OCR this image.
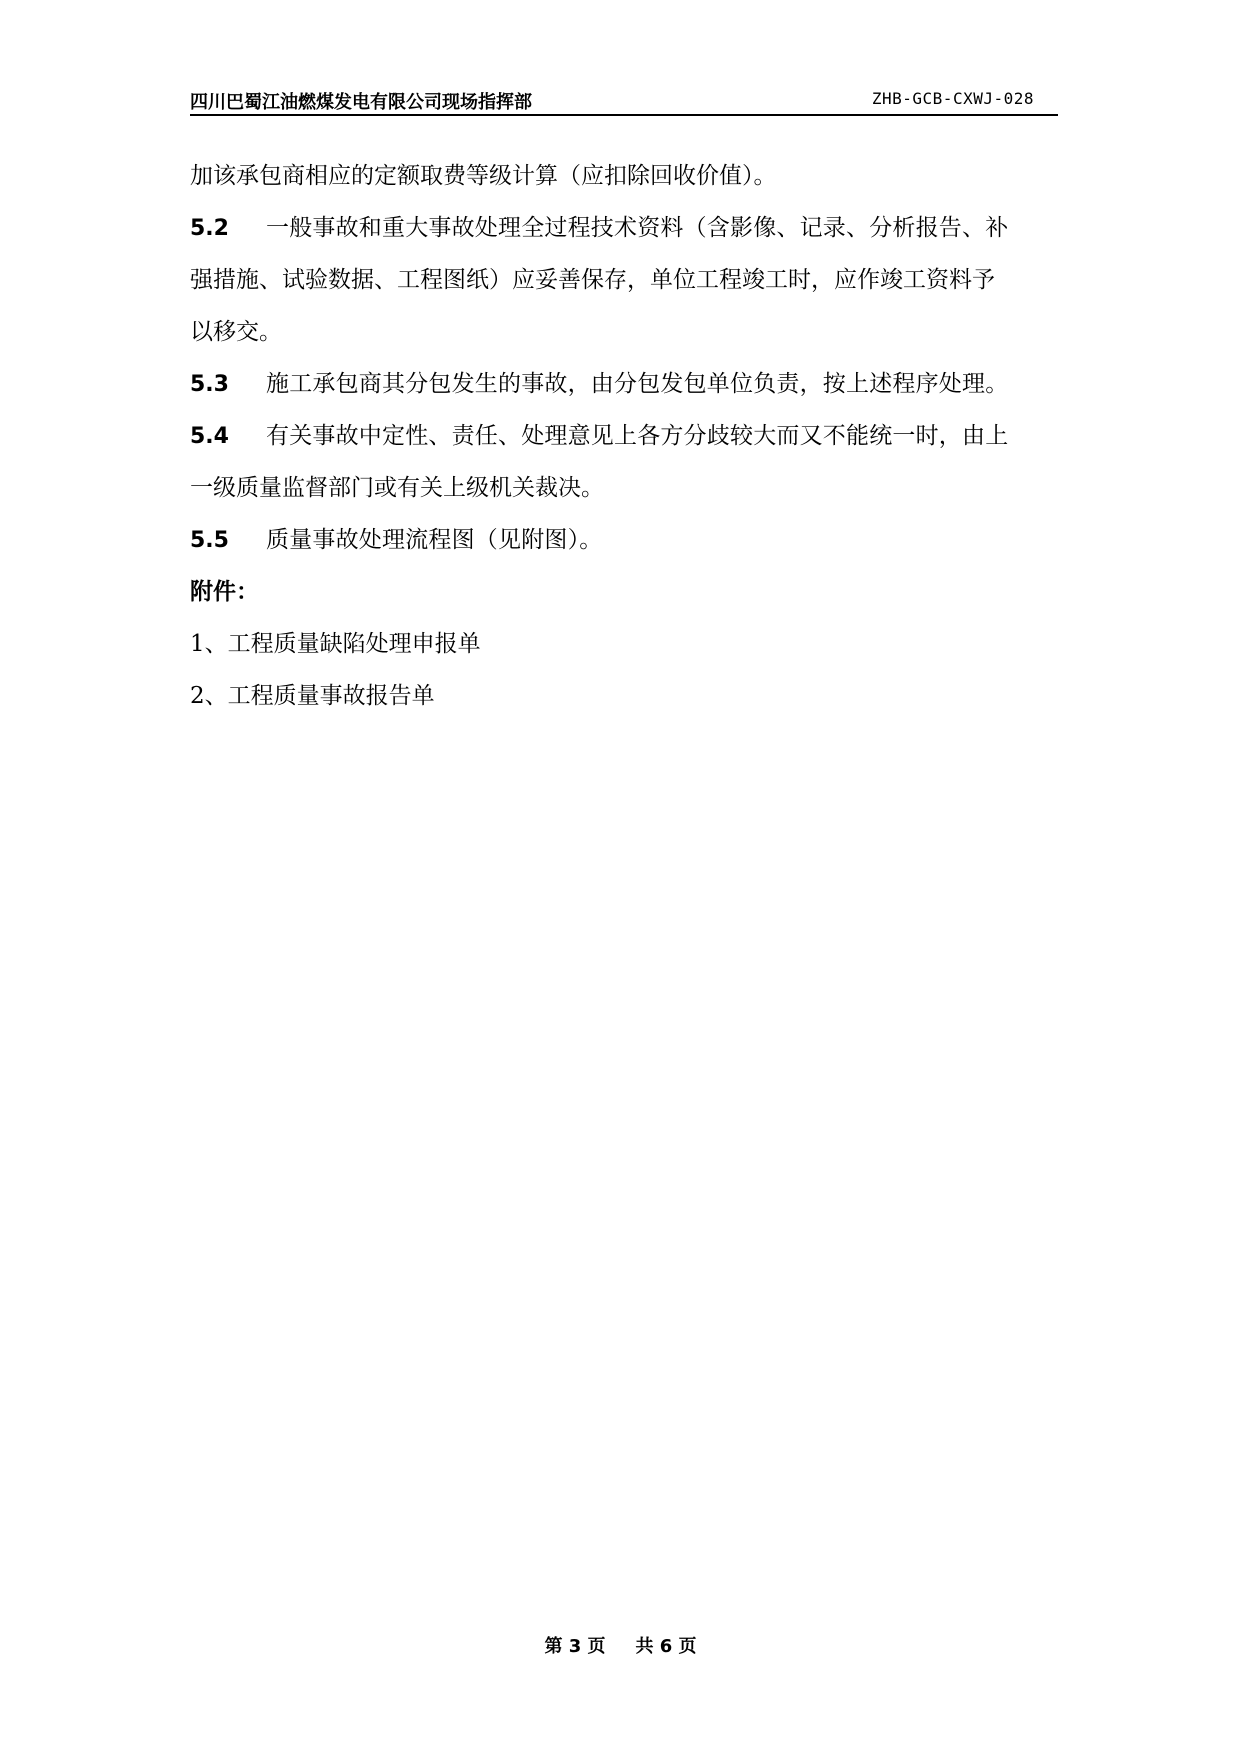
四川巴蜀江油燃煤发电有限公司现场指挥部	ZHB-GCB-CXWJ-028
加该承包商相应的定额取费等级计算（应扣除回收价值）。
5.2 一般事故和重大事故处理全过程技术资料（含影像、记录、分析报告、补
强措施、试验数据、工程图纸）应妥善保存，单位工程竣工时，应作竣工资料予
以移交。
5.3 施工承包商其分包发生的事故，由分包发包单位负责，按上述程序处理。
5.4 有关事故中定性、责任、处理意见上各方分歧较大而又不能统一时，由上
一级质量监督部门或有关上级机关裁决。
5.5 质量事故处理流程图（见附图）。
附件：
1、工程质量缺陷处理申报单
2、工程质量事故报告单
第 3 页 共 6 页
